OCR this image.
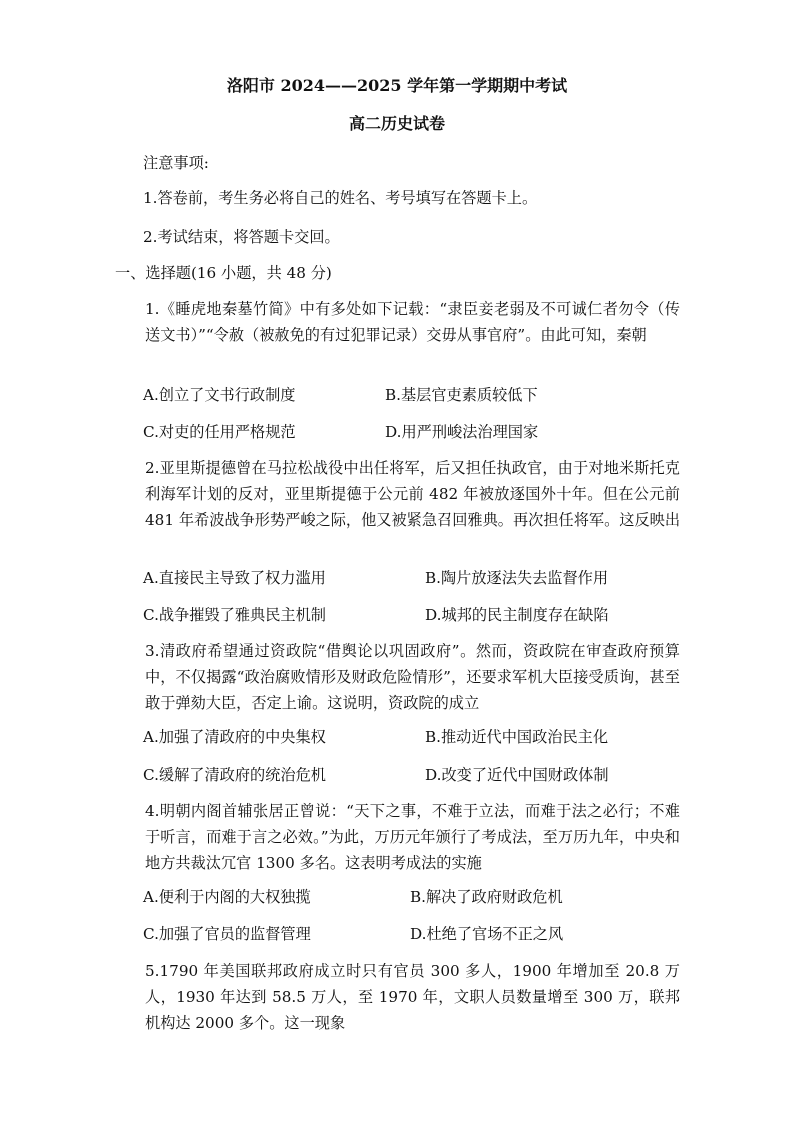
洛阳市 2024——2025 学年第一学期期中考试
高二历史试卷
注意事项:
1.答卷前，考生务必将自己的姓名、考号填写在答题卡上。
2.考试结束，将答题卡交回。
一、选择题(16 小题，共 48 分)
1.《睡虎地秦墓竹简》中有多处如下记载：“隶臣妾老弱及不可诚仁者勿令（传送文书）”“令赦（被赦免的有过犯罪记录）交毋从事官府”。由此可知，秦朝
A.创立了文书行政制度	B.基层官吏素质较低下
C.对吏的任用严格规范	D.用严刑峻法治理国家
2.亚里斯提德曾在马拉松战役中出任将军，后又担任执政官，由于对地米斯托克利海军计划的反对，亚里斯提德于公元前 482 年被放逐国外十年。但在公元前 481 年希波战争形势严峻之际，他又被紧急召回雅典。再次担任将军。这反映出
A.直接民主导致了权力滥用	B.陶片放逐法失去监督作用
C.战争摧毁了雅典民主机制	D.城邦的民主制度存在缺陷
3.清政府希望通过资政院“借舆论以巩固政府”。然而，资政院在审查政府预算中，不仅揭露“政治腐败情形及财政危险情形”，还要求军机大臣接受质询，甚至敢于弹劾大臣，否定上谕。这说明，资政院的成立
A.加强了清政府的中央集权	B.推动近代中国政治民主化
C.缓解了清政府的统治危机	D.改变了近代中国财政体制
4.明朝内阁首辅张居正曾说：“天下之事，不难于立法，而难于法之必行；不难于听言，而难于言之必效。”为此，万历元年颁行了考成法，至万历九年，中央和地方共裁汰冗官 1300 多名。这表明考成法的实施
A.便利于内阁的大权独揽	B.解决了政府财政危机
C.加强了官员的监督管理	D.杜绝了官场不正之风
5.1790 年美国联邦政府成立时只有官员 300 多人，1900 年增加至 20.8 万人，1930 年达到 58.5 万人，至 1970 年，文职人员数量增至 300 万，联邦机构达 2000 多个。这一现象
